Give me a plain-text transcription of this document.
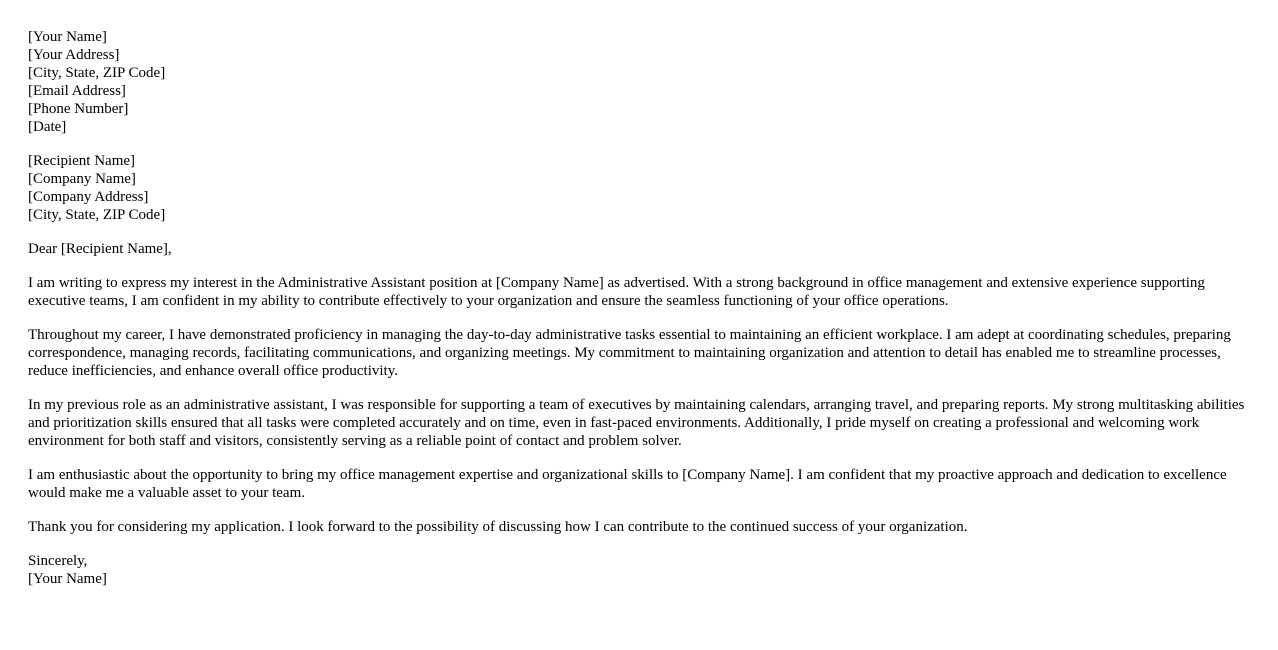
[Your Name]
[Your Address]
[City, State, ZIP Code]
[Email Address]
[Phone Number]
[Date]
[Recipient Name]
[Company Name]
[Company Address]
[City, State, ZIP Code]

Dear [Recipient Name],

I am writing to express my interest in the Administrative Assistant position at [Company Name] as advertised. With a strong background in office management and extensive experience supporting executive teams, I am confident in my ability to contribute effectively to your organization and ensure the seamless functioning of your office operations.

Throughout my career, I have demonstrated proficiency in managing the day-to-day administrative tasks essential to maintaining an efficient workplace. I am adept at coordinating schedules, preparing correspondence, managing records, facilitating communications, and organizing meetings. My commitment to maintaining organization and attention to detail has enabled me to streamline processes, reduce inefficiencies, and enhance overall office productivity.

In my previous role as an administrative assistant, I was responsible for supporting a team of executives by maintaining calendars, arranging travel, and preparing reports. My strong multitasking abilities and prioritization skills ensured that all tasks were completed accurately and on time, even in fast-paced environments. Additionally, I pride myself on creating a professional and welcoming work environment for both staff and visitors, consistently serving as a reliable point of contact and problem solver.

I am enthusiastic about the opportunity to bring my office management expertise and organizational skills to [Company Name]. I am confident that my proactive approach and dedication to excellence would make me a valuable asset to your team.

Thank you for considering my application. I look forward to the possibility of discussing how I can contribute to the continued success of your organization.

Sincerely,
[Your Name]
